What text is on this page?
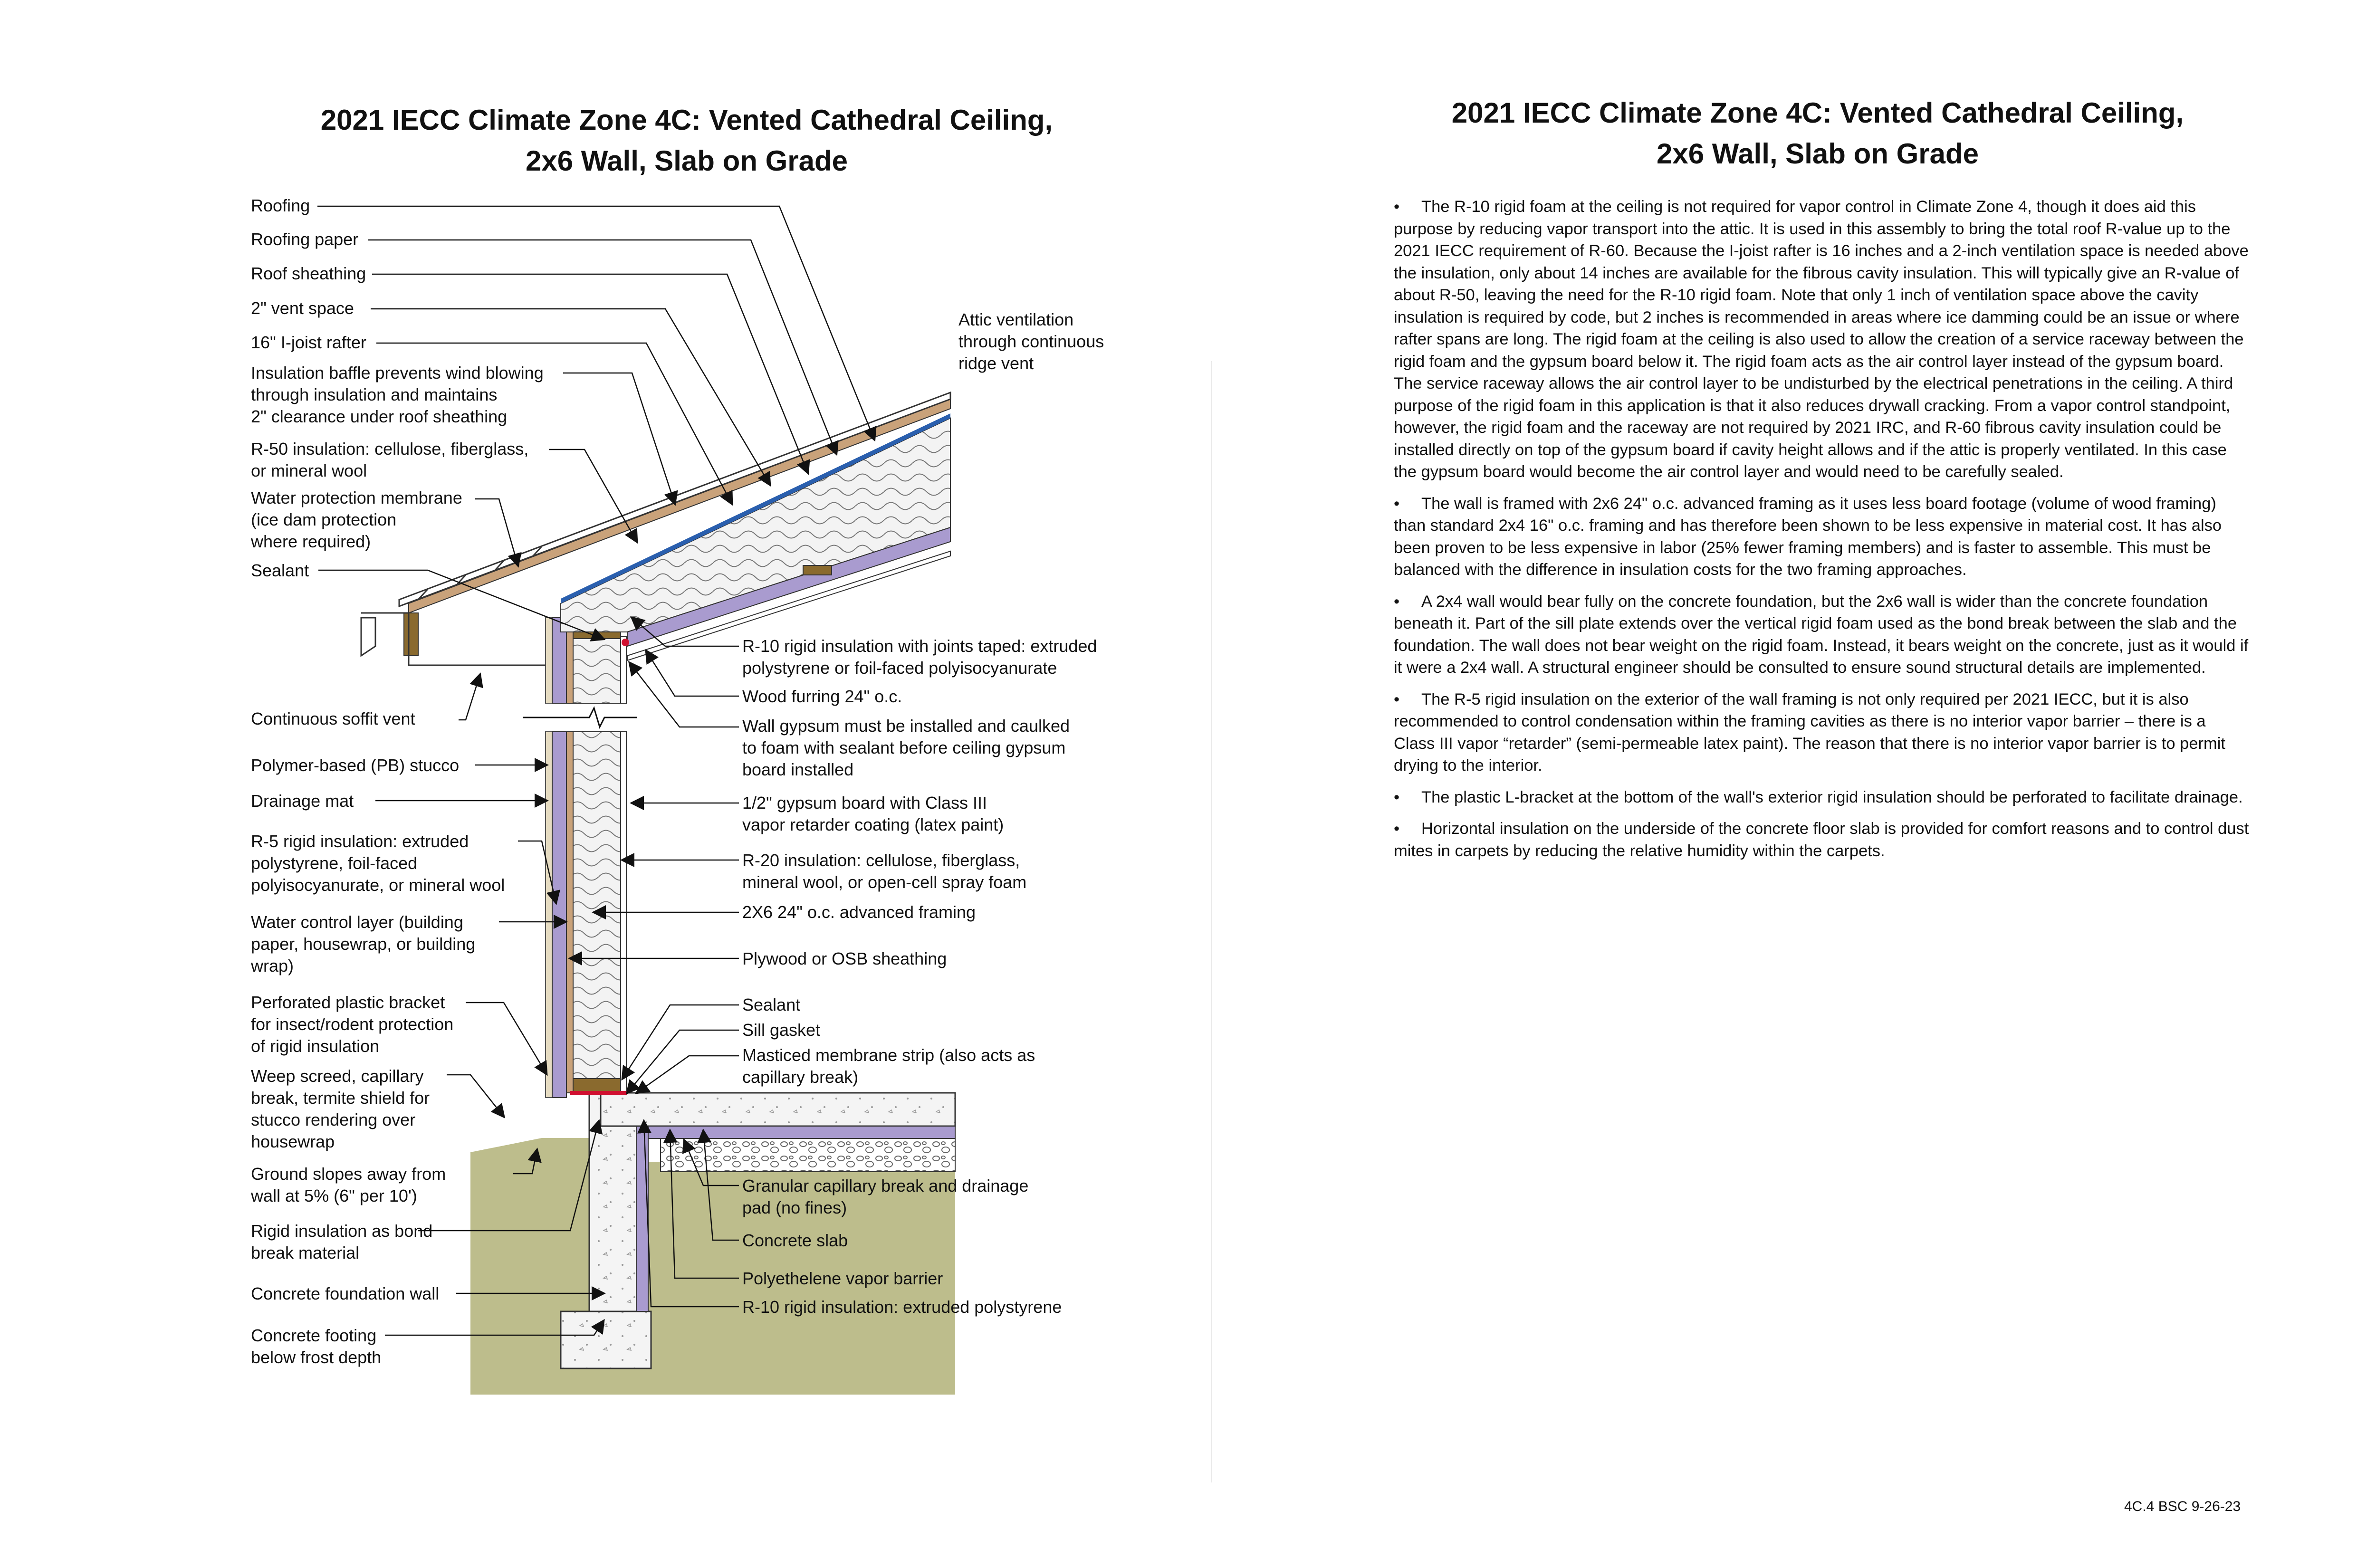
2021 IECC Climate Zone 4C: Vented Cathedral Ceiling,
2x6 Wall, Slab on Grade
Roofing
Roofing paper
Roof sheathing
2" vent space
16" I-joist rafter
Insulation baffle prevents wind blowing
through insulation and maintains
2" clearance under roof sheathing
R-50 insulation: cellulose, fiberglass,
or mineral wool
Water protection membrane
(ice dam protection
where required)
Sealant
Continuous soffit vent
Polymer-based (PB) stucco
Drainage mat
R-5 rigid insulation: extruded
polystyrene, foil-faced
polyisocyanurate, or mineral wool
Water control layer (building
paper, housewrap, or building
wrap)
Perforated plastic bracket
for insect/rodent protection
of rigid insulation
Weep screed, capillary
break, termite shield for
stucco rendering over
housewrap
Ground slopes away from
wall at 5% (6" per 10')
Rigid insulation as bond
break material
Concrete foundation wall
Concrete footing
below frost depth
Attic ventilation
through continuous
ridge vent
R-10 rigid insulation with joints taped: extruded
polystyrene or foil-faced polyisocyanurate
Wood furring 24" o.c.
Wall gypsum must be installed and caulked
to foam with sealant before ceiling gypsum
board installed
1/2" gypsum board with Class III
vapor retarder coating (latex paint)
R-20 insulation: cellulose, fiberglass,
mineral wool, or open-cell spray foam
2X6 24" o.c. advanced framing
Plywood or OSB sheathing
Sealant
Sill gasket
Masticed membrane strip (also acts as
capillary break)
Granular capillary break and drainage
pad (no fines)
Concrete slab
Polyethelene vapor barrier
R-10 rigid insulation: extruded polystyrene
2021 IECC Climate Zone 4C: Vented Cathedral Ceiling,
2x6 Wall, Slab on Grade

• The R-10 rigid foam at the ceiling is not required for vapor control in Climate Zone 4, though it does aid this purpose by reducing vapor transport into the attic. It is used in this assembly to bring the total roof R-value up to the 2021 IECC requirement of R-60. Because the I-joist rafter is 16 inches and a 2-inch ventilation space is needed above the insulation, only about 14 inches are available for the fibrous cavity insulation. This will typically give an R-value of about R-50, leaving the need for the R-10 rigid foam. Note that only 1 inch of ventilation space above the cavity insulation is required by code, but 2 inches is recommended in areas where ice damming could be an issue or where rafter spans are long. The rigid foam at the ceiling is also used to allow the creation of a service raceway between the rigid foam and the gypsum board below it. The rigid foam acts as the air control layer instead of the gypsum board. The service raceway allows the air control layer to be undisturbed by the electrical penetrations in the ceiling. A third purpose of the rigid foam in this application is that it also reduces drywall cracking. From a vapor control standpoint, however, the rigid foam and the raceway are not required by 2021 IRC, and R-60 fibrous cavity insulation could be installed directly on top of the gypsum board if cavity height allows and if the attic is properly ventilated. In this case the gypsum board would become the air control layer and would need to be carefully sealed.

• The wall is framed with 2x6 24" o.c. advanced framing as it uses less board footage (volume of wood framing) than standard 2x4 16" o.c. framing and has therefore been shown to be less expensive in material cost. It has also been proven to be less expensive in labor (25% fewer framing members) and is faster to assemble. This must be balanced with the difference in insulation costs for the two framing approaches.

• A 2x4 wall would bear fully on the concrete foundation, but the 2x6 wall is wider than the concrete foundation beneath it. Part of the sill plate extends over the vertical rigid foam used as the bond break between the slab and the foundation. The wall does not bear weight on the rigid foam. Instead, it bears weight on the concrete, just as it would if it were a 2x4 wall. A structural engineer should be consulted to ensure sound structural details are implemented.

• The R-5 rigid insulation on the exterior of the wall framing is not only required per 2021 IECC, but it is also recommended to control condensation within the framing cavities as there is no interior vapor barrier – there is a Class III vapor “retarder” (semi-permeable latex paint). The reason that there is no interior vapor barrier is to permit drying to the interior.

• The plastic L-bracket at the bottom of the wall's exterior rigid insulation should be perforated to facilitate drainage.

• Horizontal insulation on the underside of the concrete floor slab is provided for comfort reasons and to control dust mites in carpets by reducing the relative humidity within the carpets.

4C.4 BSC 9-26-23
